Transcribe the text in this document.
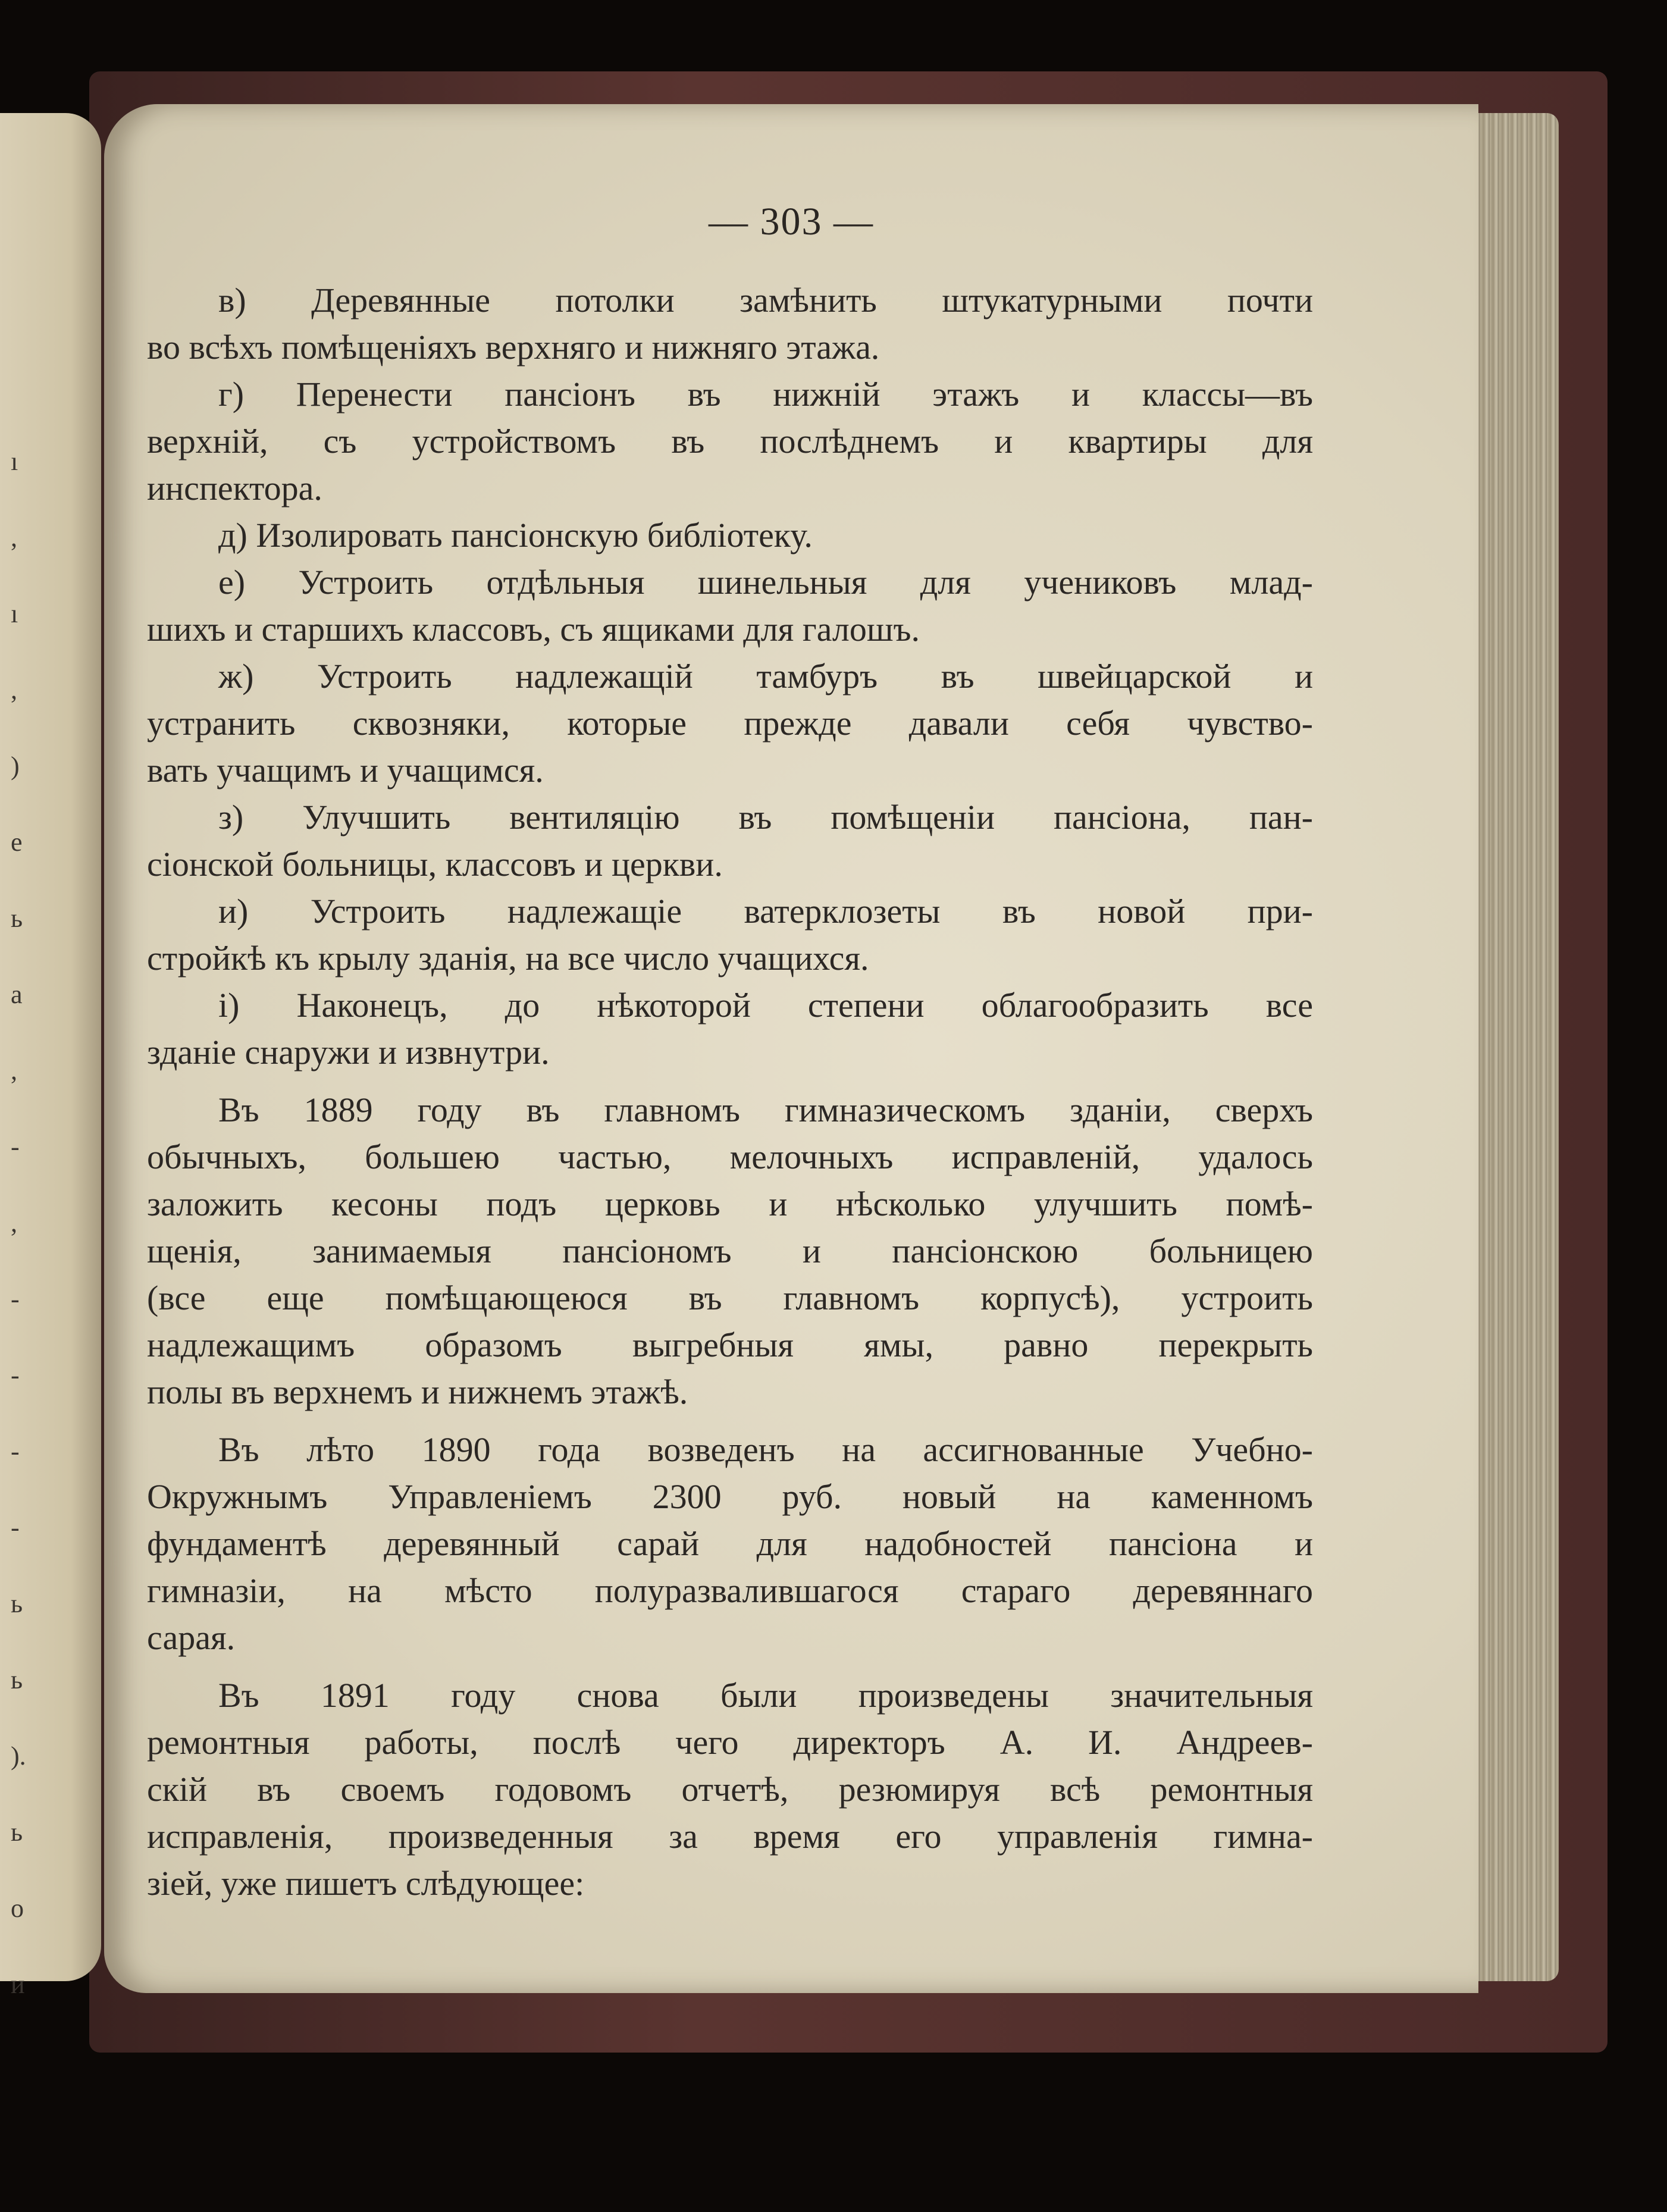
ı
,
ı
,
)
е
ь
а
,
-
,
-
-
-
-
ь
ь
).
ь
о
и
— 303 —
в) Деревянные потолки замѣнить штукатурными почти
во всѣхъ помѣщеніяхъ верхняго и нижняго этажа.
г) Перенести пансіонъ въ нижній этажъ и классы—въ
верхній, съ устройствомъ въ послѣднемъ и квартиры для
инспектора.
д) Изолировать пансіонскую библіотеку.
е) Устроить отдѣльныя шинельныя для учениковъ млад-
шихъ и старшихъ классовъ, съ ящиками для галошъ.
ж) Устроить надлежащій тамбуръ въ швейцарской и
устранить сквозняки, которые прежде давали себя чувство-
вать учащимъ и учащимся.
з) Улучшить вентиляцію въ помѣщеніи пансіона, пан-
сіонской больницы, классовъ и церкви.
и) Устроить надлежащіе ватерклозеты въ новой при-
стройкѣ къ крылу зданія, на все число учащихся.
і) Наконецъ, до нѣкоторой степени облагообразить все
зданіе снаружи и извнутри.
Въ 1889 году въ главномъ гимназическомъ зданіи, сверхъ
обычныхъ, большею частью, мелочныхъ исправленій, удалось
заложить кесоны подъ церковь и нѣсколько улучшить помѣ-
щенія, занимаемыя пансіономъ и пансіонскою больницею
(все еще помѣщающеюся въ главномъ корпусѣ), устроить
надлежащимъ образомъ выгребныя ямы, равно перекрыть
полы въ верхнемъ и нижнемъ этажѣ.
Въ лѣто 1890 года возведенъ на ассигнованные Учебно-
Окружнымъ Управленіемъ 2300 руб. новый на каменномъ
фундаментѣ деревянный сарай для надобностей пансіона и
гимназіи, на мѣсто полуразвалившагося стараго деревяннаго
сарая.
Въ 1891 году снова были произведены значительныя
ремонтныя работы, послѣ чего директоръ А. И. Андреев-
скій въ своемъ годовомъ отчетѣ, резюмируя всѣ ремонтныя
исправленія, произведенныя за время его управленія гимна-
зіей, уже пишетъ слѣдующее:
